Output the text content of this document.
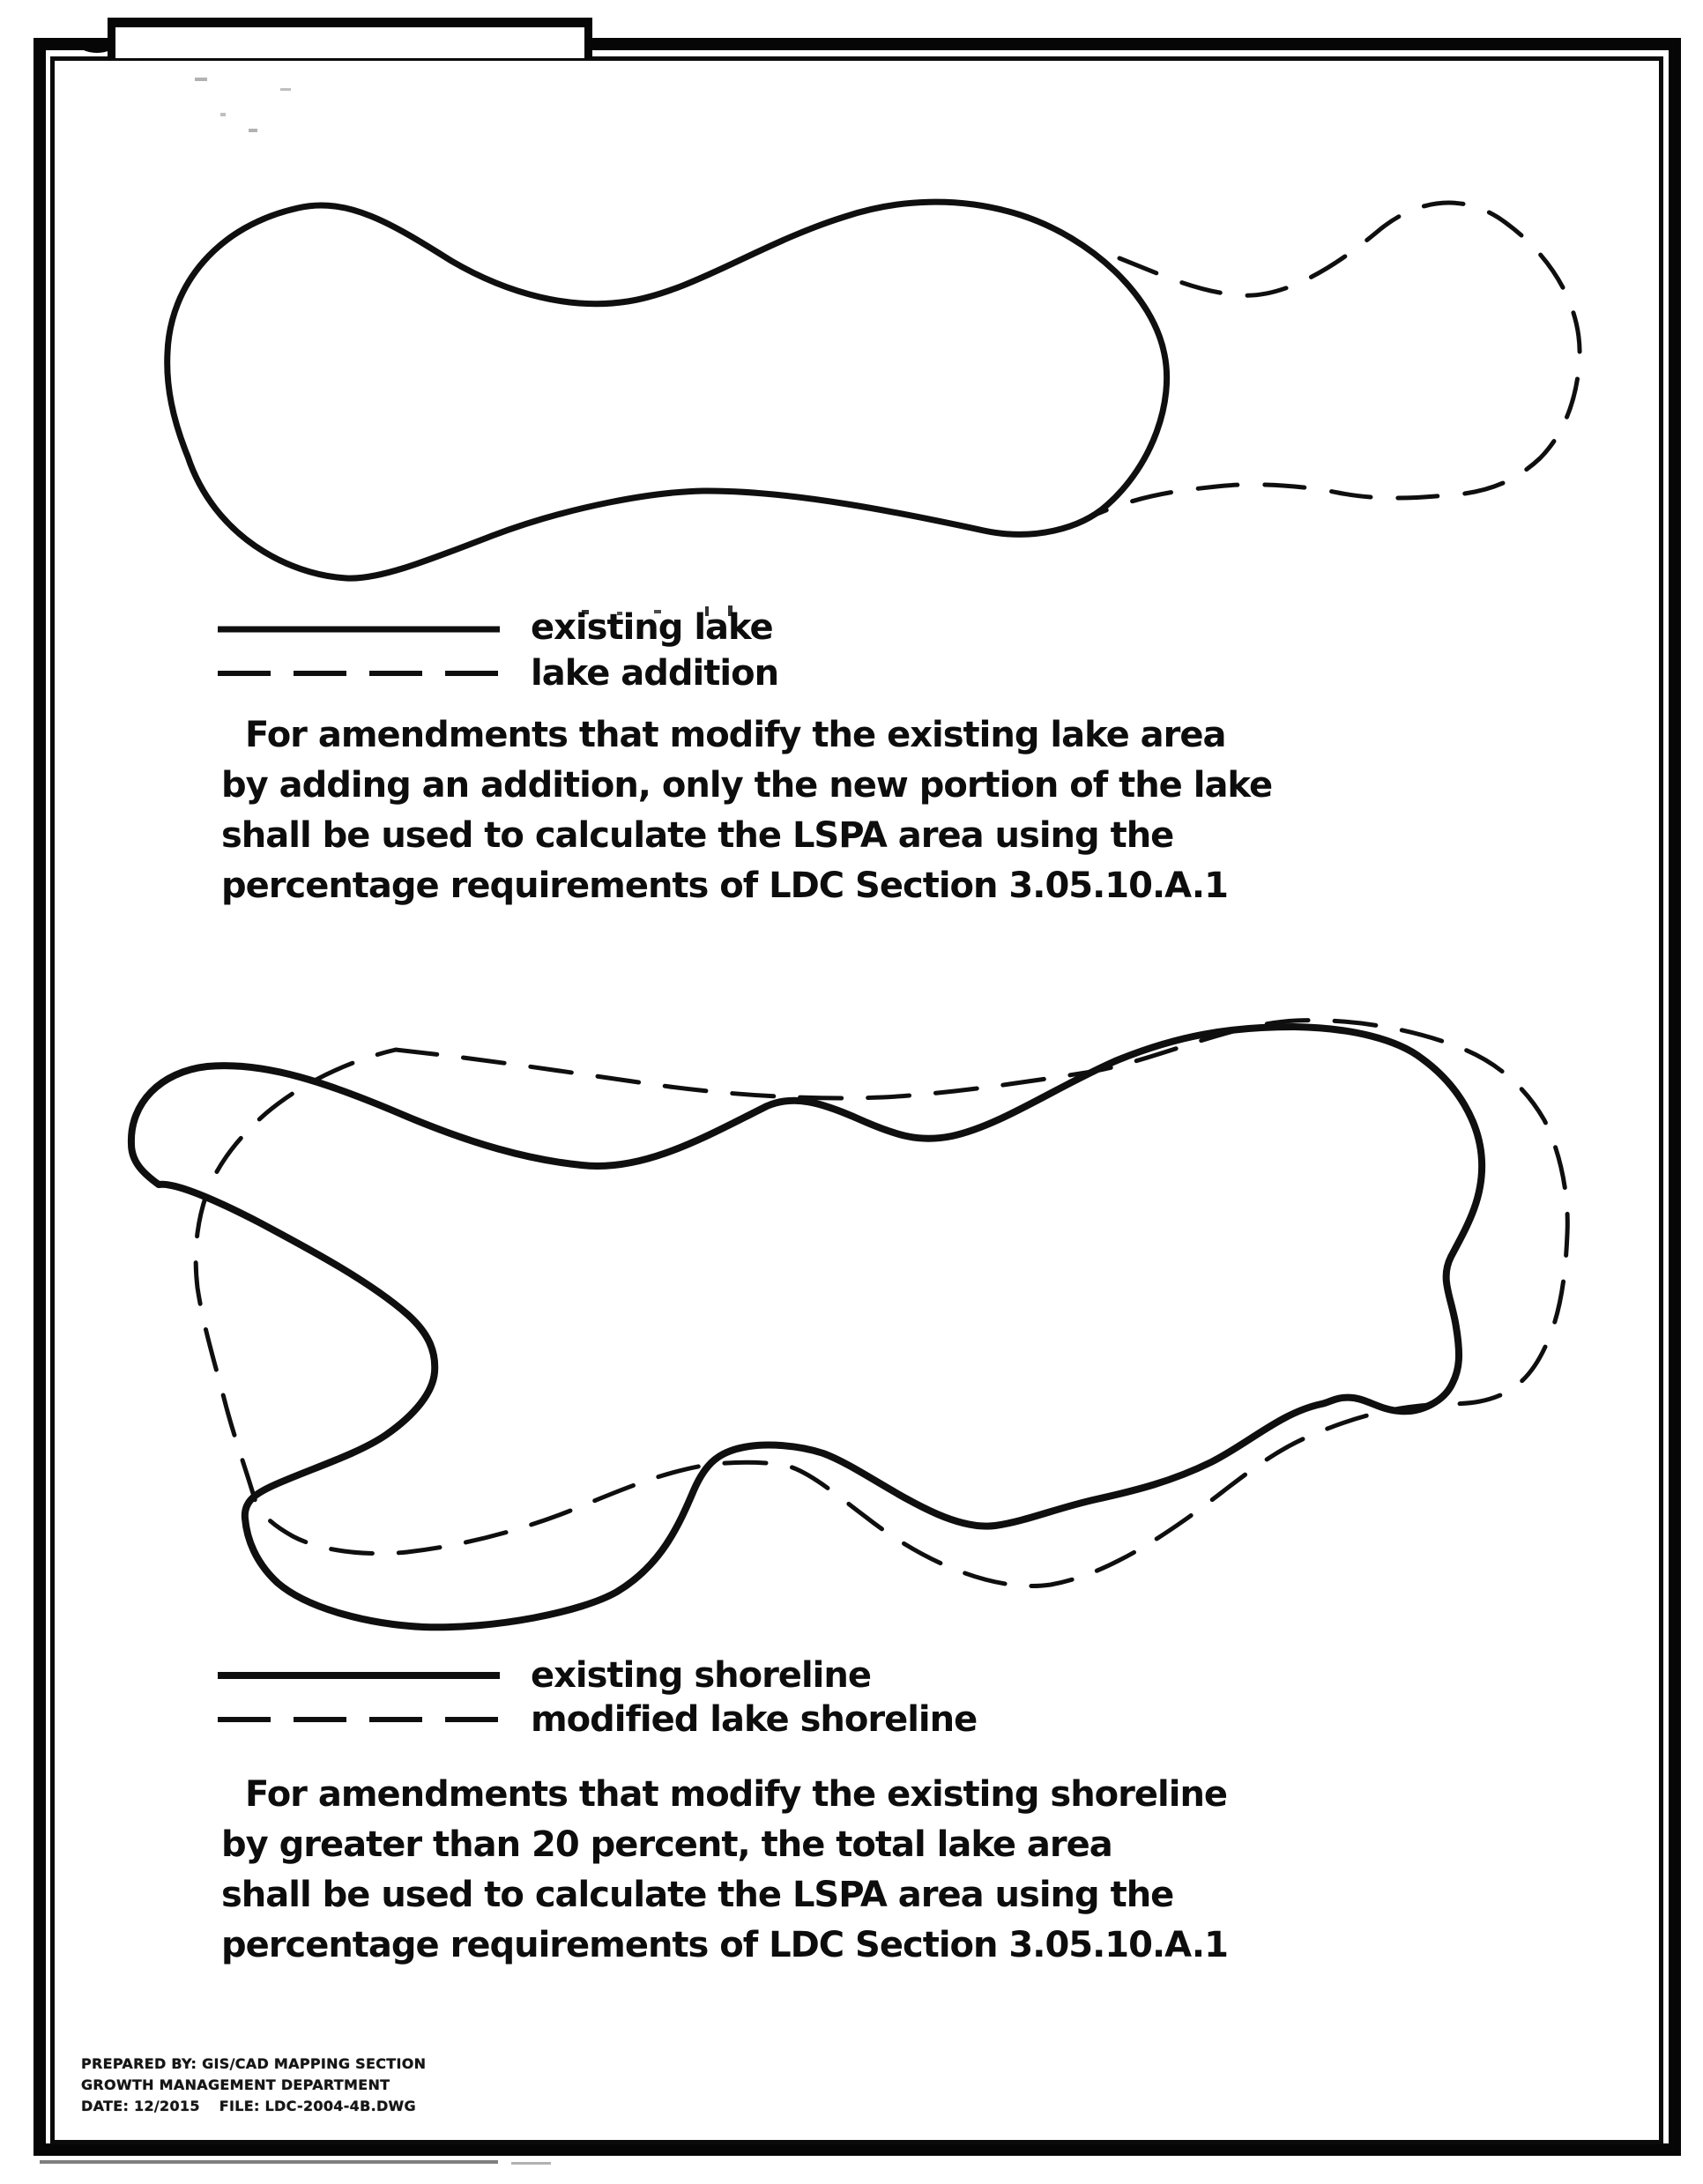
existing lake
lake addition
For amendments that modify the existing lake area
by adding an addition, only the new portion of the lake
shall be used to calculate the LSPA area using the
percentage requirements of LDC Section 3.05.10.A.1
existing shoreline
modified lake shoreline
For amendments that modify the existing shoreline
by greater than 20 percent, the total lake area
shall be used to calculate the LSPA area using the
percentage requirements of LDC Section 3.05.10.A.1
PREPARED BY: GIS/CAD MAPPING SECTION
GROWTH MANAGEMENT DEPARTMENT
DATE: 12/2015 FILE: LDC-2004-4B.DWG
